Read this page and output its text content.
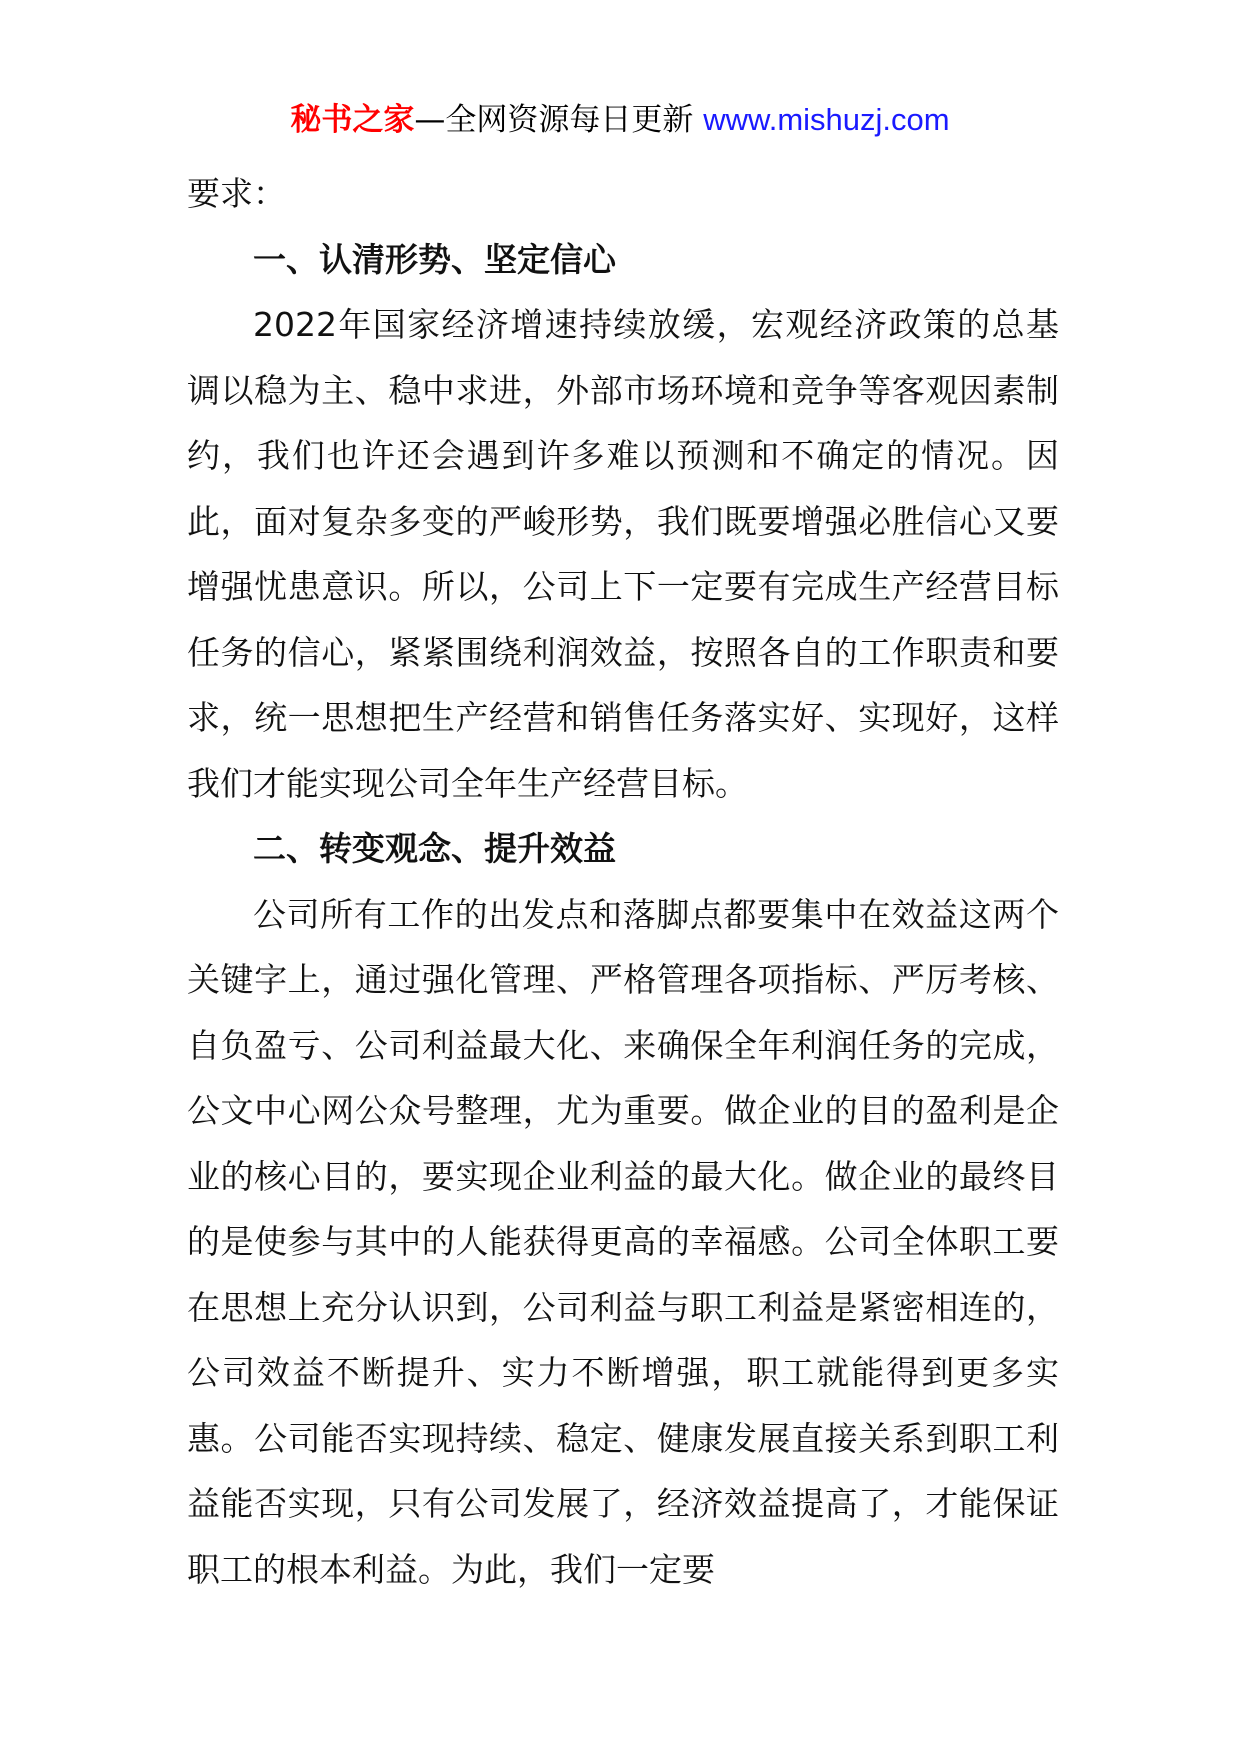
秘书之家—全网资源每日更新 www.mishuzj.com

要求：

一、认清形势、坚定信心

2022年国家经济增速持续放缓，宏观经济政策的总基调以稳为主、稳中求进，外部市场环境和竞争等客观因素制约，我们也许还会遇到许多难以预测和不确定的情况。因此，面对复杂多变的严峻形势，我们既要增强必胜信心又要增强忧患意识。所以，公司上下一定要有完成生产经营目标任务的信心，紧紧围绕利润效益，按照各自的工作职责和要求，统一思想把生产经营和销售任务落实好、实现好，这样我们才能实现公司全年生产经营目标。

二、转变观念、提升效益

公司所有工作的出发点和落脚点都要集中在效益这两个关键字上，通过强化管理、严格管理各项指标、严厉考核、自负盈亏、公司利益最大化、来确保全年利润任务的完成，公文中心网公众号整理，尤为重要。做企业的目的盈利是企业的核心目的，要实现企业利益的最大化。做企业的最终目的是使参与其中的人能获得更高的幸福感。公司全体职工要在思想上充分认识到，公司利益与职工利益是紧密相连的，公司效益不断提升、实力不断增强，职工就能得到更多实惠。公司能否实现持续、稳定、健康发展直接关系到职工利益能否实现，只有公司发展了，经济效益提高了，才能保证职工的根本利益。为此，我们一定要
